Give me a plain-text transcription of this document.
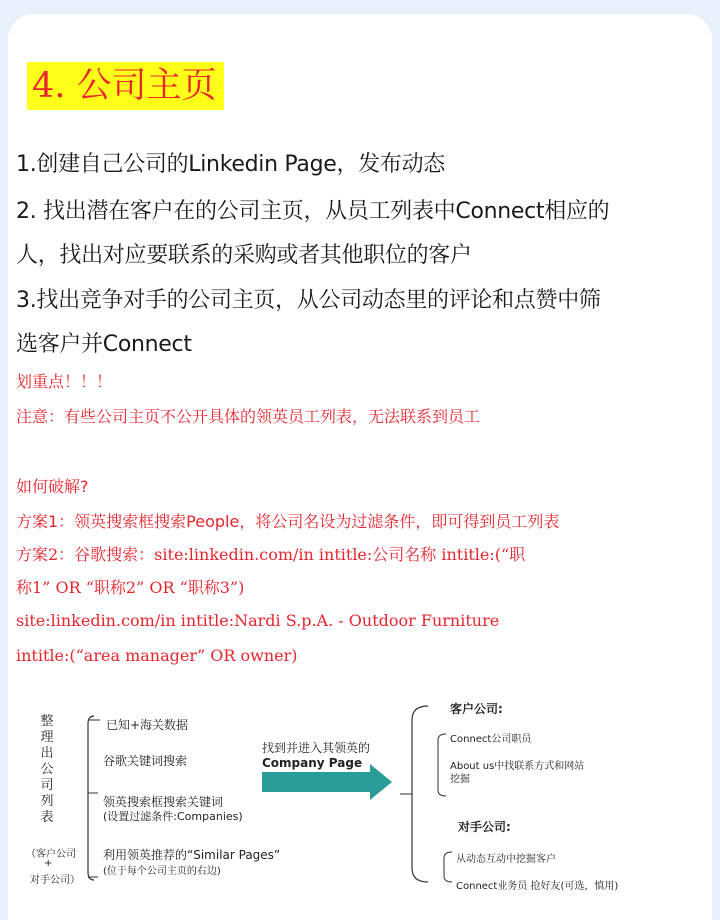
4. 公司主页
1.创建自己公司的Linkedin Page，发布动态
2. 找出潜在客户在的公司主页，从员工列表中Connect相应的
人，找出对应要联系的采购或者其他职位的客户
3.找出竞争对手的公司主页，从公司动态里的评论和点赞中筛
选客户并Connect
划重点！！！
注意：有些公司主页不公开具体的领英员工列表，无法联系到员工
如何破解?
方案1：领英搜索框搜索People，将公司名设为过滤条件，即可得到员工列表
方案2：谷歌搜索：site:linkedin.com/in intitle:公司名称 intitle:(“职
称1” OR “职称2” OR “职称3”)
site:linkedin.com/in intitle:Nardi S.p.A. - Outdoor Furniture
intitle:(“area manager” OR owner)
整理出公司列表
（客户公司
+
对手公司）
已知+海关数据
谷歌关键词搜索
领英搜索框搜索关键词
(设置过滤条件:Companies)
利用领英推荐的“Similar Pages”
(位于每个公司主页的右边)
找到并进入其领英的
Company Page
客户公司:
Connect公司职员
About us中找联系方式和网站
挖掘
对手公司:
从动态互动中挖掘客户
Connect业务员 抢好友(可选，慎用)
